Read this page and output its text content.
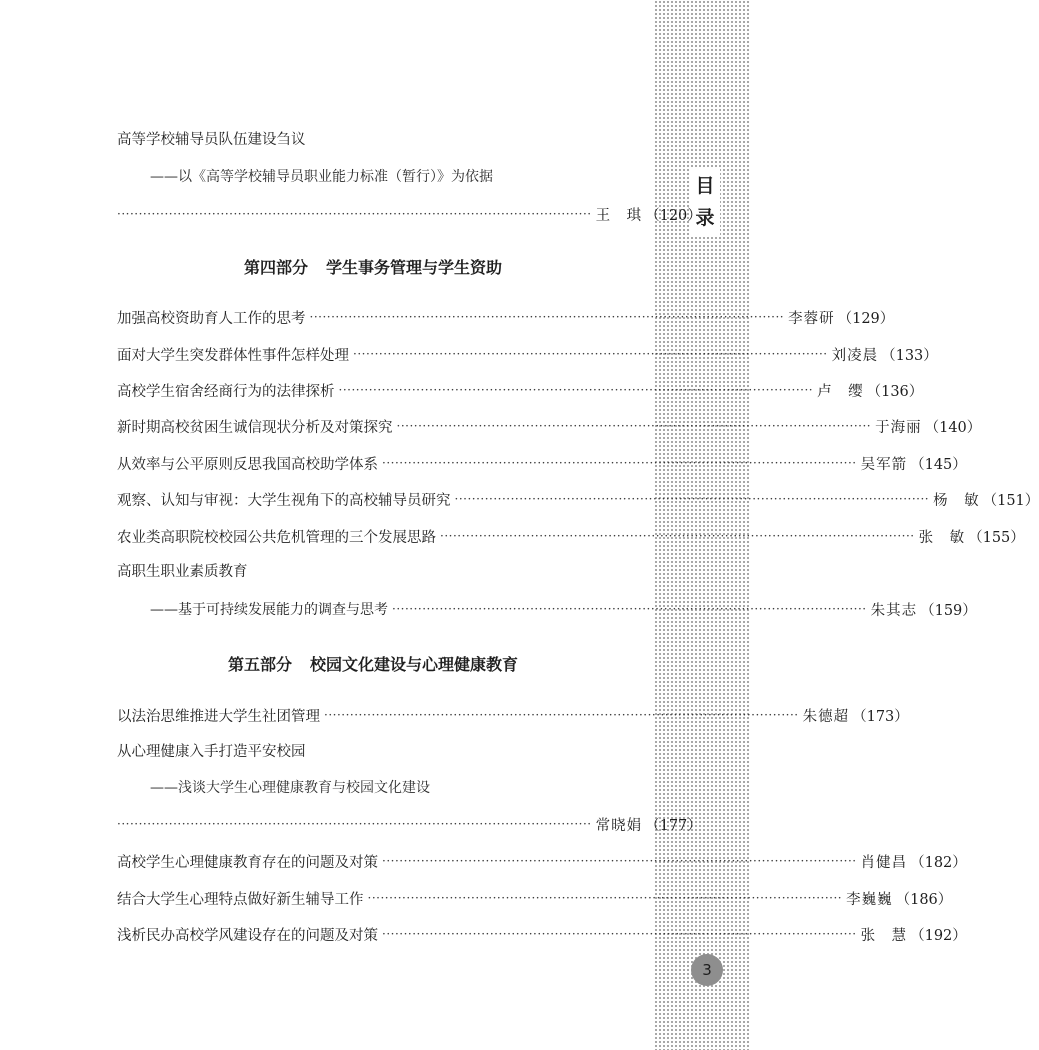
目
录
3
高等学校辅导员队伍建设刍议
——以《高等学校辅导员职业能力标准（暂行）》为依据
·············································································································· 王　琪 （120）
第四部分 学生事务管理与学生资助
加强高校资助育人工作的思考 ·············································································································· 李蓉研 （129）
面对大学生突发群体性事件怎样处理 ·············································································································· 刘凌晨 （133）
高校学生宿舍经商行为的法律探析 ·············································································································· 卢　缨 （136）
新时期高校贫困生诚信现状分析及对策探究 ·············································································································· 于海丽 （140）
从效率与公平原则反思我国高校助学体系 ·············································································································· 吴军箭 （145）
观察、认知与审视：大学生视角下的高校辅导员研究 ·············································································································· 杨　敏 （151）
农业类高职院校校园公共危机管理的三个发展思路 ·············································································································· 张　敏 （155）
高职生职业素质教育
——基于可持续发展能力的调查与思考 ·············································································································· 朱其志 （159）
第五部分 校园文化建设与心理健康教育
以法治思维推进大学生社团管理 ·············································································································· 朱德超 （173）
从心理健康入手打造平安校园
——浅谈大学生心理健康教育与校园文化建设
·············································································································· 常晓娟 （177）
高校学生心理健康教育存在的问题及对策 ·············································································································· 肖健昌 （182）
结合大学生心理特点做好新生辅导工作 ·············································································································· 李巍巍 （186）
浅析民办高校学风建设存在的问题及对策 ·············································································································· 张　慧 （192）
